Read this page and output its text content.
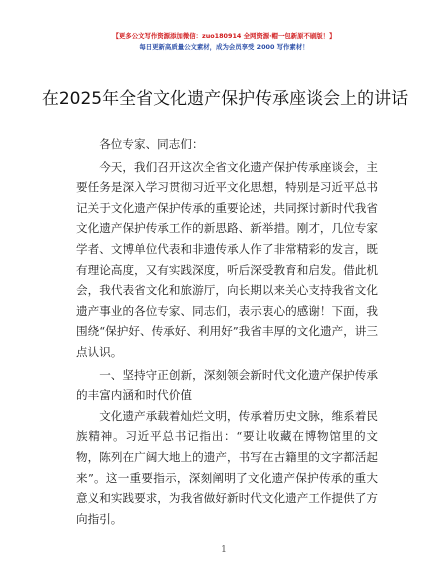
【更多公文写作资源添加微信：zuo180914 全网资源·帽一包新原不刷版！】
每日更新高质量公文素材，成为会员享受 2000 写作素材！
在2025年全省文化遗产保护传承座谈会上的讲话

各位专家、同志们：

今天，我们召开这次全省文化遗产保护传承座谈会，主要任务是深入学习贯彻习近平文化思想，特别是习近平总书记关于文化遗产保护传承的重要论述，共同探讨新时代我省文化遗产保护传承工作的新思路、新举措。刚才，几位专家学者、文博单位代表和非遗传承人作了非常精彩的发言，既有理论高度，又有实践深度，听后深受教育和启发。借此机会，我代表省文化和旅游厅，向长期以来关心支持我省文化遗产事业的各位专家、同志们，表示衷心的感谢！下面，我围绕“保护好、传承好、利用好”我省丰厚的文化遗产，讲三点认识。

一、坚持守正创新，深刻领会新时代文化遗产保护传承的丰富内涵和时代价值

文化遗产承载着灿烂文明，传承着历史文脉，维系着民族精神。习近平总书记指出：“要让收藏在博物馆里的文物，陈列在广阔大地上的遗产，书写在古籍里的文字都活起来”。这一重要指示，深刻阐明了文化遗产保护传承的重大意义和实践要求，为我省做好新时代文化遗产工作提供了方向指引。

1
